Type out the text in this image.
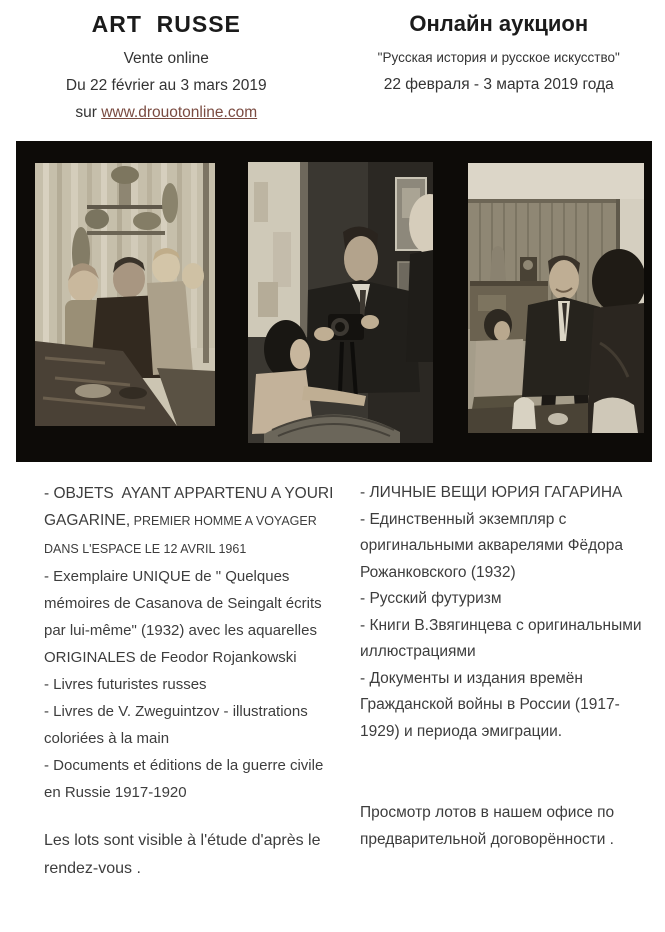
ART  RUSSE
Vente online
Du 22 février au 3 mars 2019
sur www.drouotonline.com
Онлайн аукцион
"Русская история и русское искусство"
22 февраля - 3 марта 2019 года

- OBJETS  AYANT APPARTENU A YOURI GAGARINE, PREMIER HOMME A VOYAGER DANS L'ESPACE LE 12 AVRIL 1961

- Exemplaire UNIQUE de " Quelques mémoires de Casanova de Seingalt écrits par lui-même" (1932) avec les aquarelles ORIGINALES de Feodor Rojankowski

- Livres futuristes russes

- Livres de V. Zweguintzov - illustrations coloriées à la main

- Documents et éditions de la guerre civile en Russie 1917-1920

Les lots sont visible à l'étude d'après le rendez-vous .

- ЛИЧНЫЕ ВЕЩИ ЮРИЯ ГАГАРИНА

- Единственный экземпляр с оригинальными акварелями Фёдора Рожанковского (1932)

- Русский футуризм

- Книги В.Звягинцева с оригинальными иллюстрациями

- Документы и издания времён Гражданской войны в России (1917-1929) и периода эмиграции.

Просмотр лотов в нашем офисе по предварительной договорённости .
